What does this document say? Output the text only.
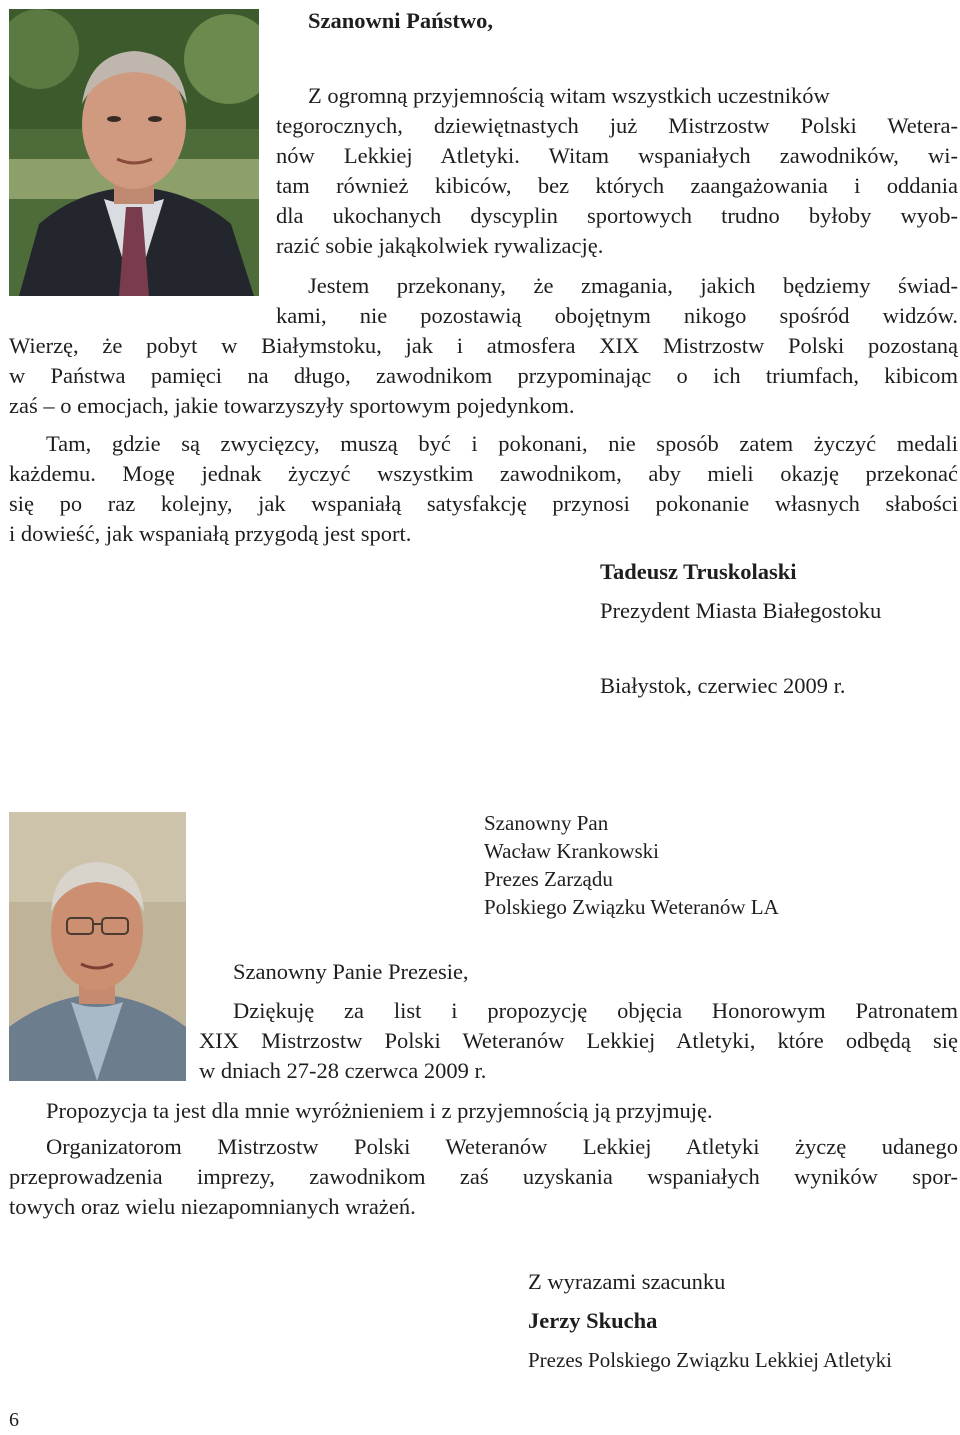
Szanowni Państwo,

Z ogromną przyjemnością witam wszystkich uczestników

tegorocznych, dziewiętnastych już Mistrzostw Polski Wetera-

nów Lekkiej Atletyki. Witam wspaniałych zawodników, wi-

tam również kibiców, bez których zaangażowania i oddania

dla ukochanych dyscyplin sportowych trudno byłoby wyob-

razić sobie jakąkolwiek rywalizację.

Jestem przekonany, że zmagania, jakich będziemy świad-

kami, nie pozostawią obojętnym nikogo spośród widzów.

Wierzę, że pobyt w Białymstoku, jak i atmosfera XIX Mistrzostw Polski pozostaną

w Państwa pamięci na długo, zawodnikom przypominając o ich triumfach, kibicom

zaś – o emocjach, jakie towarzyszyły sportowym pojedynkom.

Tam, gdzie są zwycięzcy, muszą być i pokonani, nie sposób zatem życzyć medali

każdemu. Mogę jednak życzyć wszystkim zawodnikom, aby mieli okazję przekonać

się po raz kolejny, jak wspaniałą satysfakcję przynosi pokonanie własnych słabości

i dowieść, jak wspaniałą przygodą jest sport.

Tadeusz Truskolaski

Prezydent Miasta Białegostoku

Białystok, czerwiec 2009 r.

Szanowny Pan

Wacław Krankowski

Prezes Zarządu

Polskiego Związku Weteranów LA

Szanowny Panie Prezesie,

Dziękuję za list i propozycję objęcia Honorowym Patronatem

XIX Mistrzostw Polski Weteranów Lekkiej Atletyki, które odbędą się

w dniach 27-28 czerwca 2009 r.

Propozycja ta jest dla mnie wyróżnieniem i z przyjemnością ją przyjmuję.

Organizatorom Mistrzostw Polski Weteranów Lekkiej Atletyki życzę udanego

przeprowadzenia imprezy, zawodnikom zaś uzyskania wspaniałych wyników spor-

towych oraz wielu niezapomnianych wrażeń.

Z wyrazami szacunku

Jerzy Skucha

Prezes Polskiego Związku Lekkiej Atletyki

6
